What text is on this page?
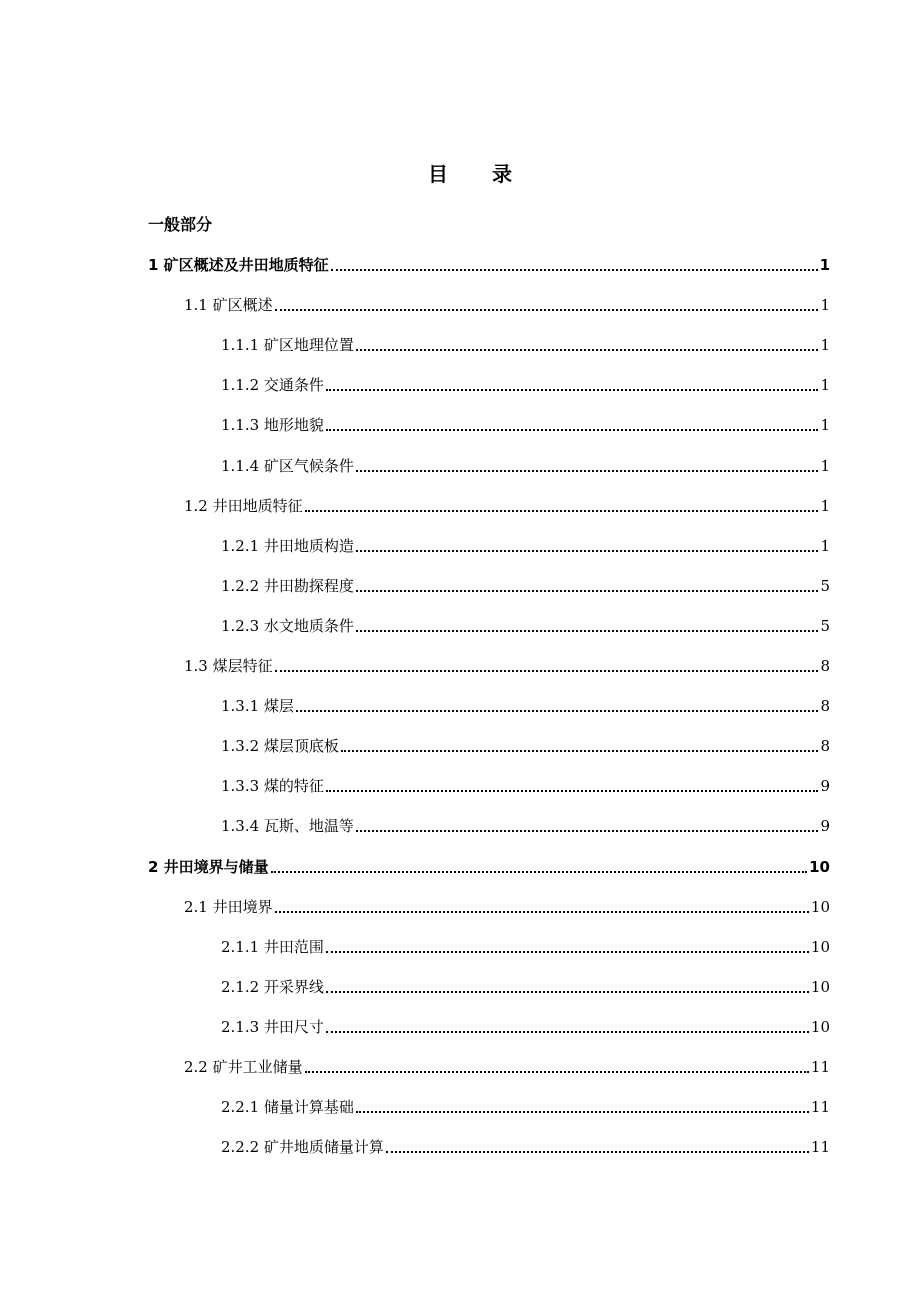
目 录
一般部分
1 矿区概述及井田地质特征	1
1.1 矿区概述	1
1.1.1 矿区地理位置	1
1.1.2 交通条件	1
1.1.3 地形地貌	1
1.1.4 矿区气候条件	1
1.2 井田地质特征	1
1.2.1 井田地质构造	1
1.2.2 井田勘探程度	5
1.2.3 水文地质条件	5
1.3 煤层特征	8
1.3.1 煤层	8
1.3.2 煤层顶底板	8
1.3.3 煤的特征	9
1.3.4 瓦斯、地温等	9
2 井田境界与储量	10
2.1 井田境界	10
2.1.1 井田范围	10
2.1.2 开采界线	10
2.1.3 井田尺寸	10
2.2 矿井工业储量	11
2.2.1 储量计算基础	11
2.2.2 矿井地质储量计算	11
